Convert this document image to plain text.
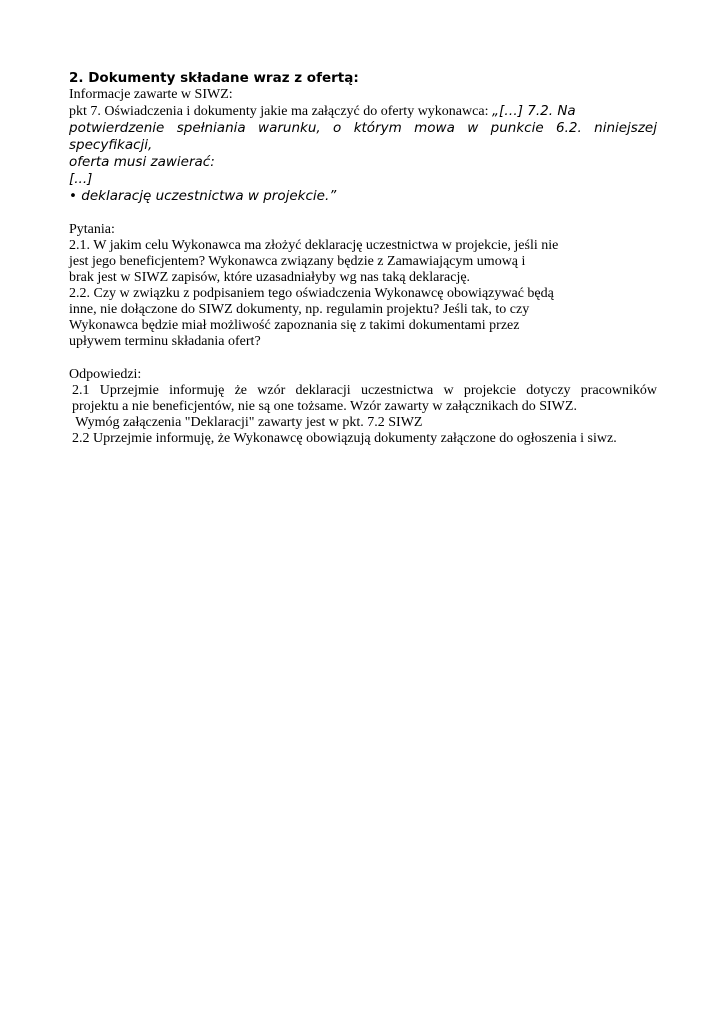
2. Dokumenty składane wraz z ofertą:

Informacje zawarte w SIWZ:

pkt 7. Oświadczenia i dokumenty jakie ma załączyć do oferty wykonawca: „[…] 7.2. Na

potwierdzenie spełniania warunku, o którym mowa w punkcie 6.2. niniejszej

specyfikacji,

oferta musi zawierać:

[...]

• deklarację uczestnictwa w projekcie.”

Pytania:

2.1. W jakim celu Wykonawca ma złożyć deklarację uczestnictwa w projekcie, jeśli nie

jest jego beneficjentem? Wykonawca związany będzie z Zamawiającym umową i

brak jest w SIWZ zapisów, które uzasadniałyby wg nas taką deklarację.

2.2. Czy w związku z podpisaniem tego oświadczenia Wykonawcę obowiązywać będą

inne, nie dołączone do SIWZ dokumenty, np. regulamin projektu? Jeśli tak, to czy

Wykonawca będzie miał możliwość zapoznania się z takimi dokumentami przez

upływem terminu składania ofert?

Odpowiedzi:

2.1 Uprzejmie informuję że wzór deklaracji uczestnictwa w projekcie dotyczy pracowników

projektu a nie beneficjentów, nie są one tożsame. Wzór zawarty w załącznikach do SIWZ.

Wymóg załączenia "Deklaracji" zawarty jest w pkt. 7.2 SIWZ

2.2 Uprzejmie informuję, że Wykonawcę obowiązują dokumenty załączone do ogłoszenia i siwz.
